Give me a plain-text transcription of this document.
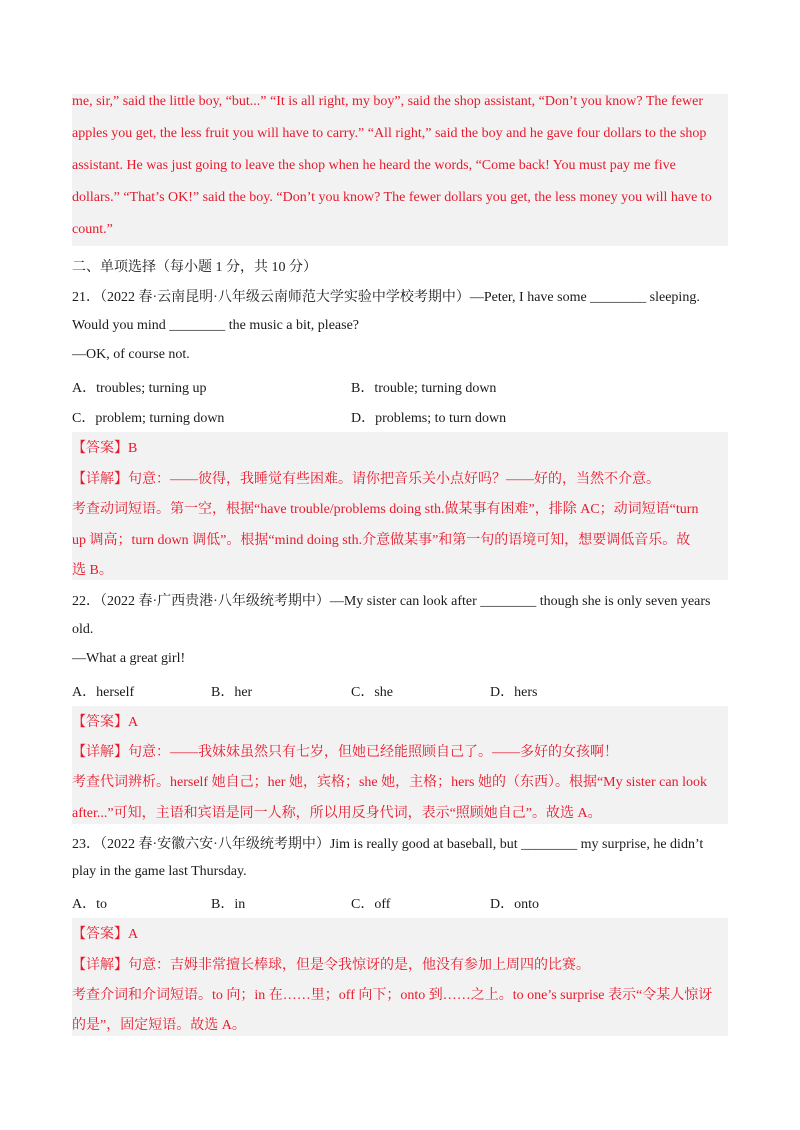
me, sir,” said the little boy, “but...” “It is all right, my boy”, said the shop assistant, “Don’t you know? The fewer
apples you get, the less fruit you will have to carry.” “All right,” said the boy and he gave four dollars to the shop
assistant. He was just going to leave the shop when he heard the words, “Come back! You must pay me five
dollars.” “That’s OK!” said the boy. “Don’t you know? The fewer dollars you get, the less money you will have to
count.”
二、单项选择（每小题 1 分，共 10 分）
21．（2022 春·云南昆明·八年级云南师范大学实验中学校考期中）—Peter, I have some ________ sleeping.
Would you mind ________ the music a bit, please?
—OK, of course not.
A．troubles; turning up	B．trouble; turning down
C．problem; turning down	D．problems; to turn down
【答案】B
【详解】句意：——彼得，我睡觉有些困难。请你把音乐关小点好吗？——好的，当然不介意。
考查动词短语。第一空，根据“have trouble/problems doing sth.做某事有困难”，排除 AC；动词短语“turn
up 调高；turn down 调低”。根据“mind doing sth.介意做某事”和第一句的语境可知，想要调低音乐。故
选 B。
22．（2022 春·广西贵港·八年级统考期中）—My sister can look after ________ though she is only seven years
old.
—What a great girl!
A．herself	B．her	C．she	D．hers
【答案】A
【详解】句意：——我妹妹虽然只有七岁，但她已经能照顾自己了。——多好的女孩啊！
考查代词辨析。herself 她自己；her 她，宾格；she 她，主格；hers 她的（东西）。根据“My sister can look
after...”可知，主语和宾语是同一人称，所以用反身代词，表示“照顾她自己”。故选 A。
23．（2022 春·安徽六安·八年级统考期中）Jim is really good at baseball, but ________ my surprise, he didn’t
play in the game last Thursday.
A．to	B．in	C．off	D．onto
【答案】A
【详解】句意：吉姆非常擅长棒球，但是令我惊讶的是，他没有参加上周四的比赛。
考查介词和介词短语。to 向；in 在……里；off 向下；onto 到……之上。to one’s surprise 表示“令某人惊讶
的是”，固定短语。故选 A。
